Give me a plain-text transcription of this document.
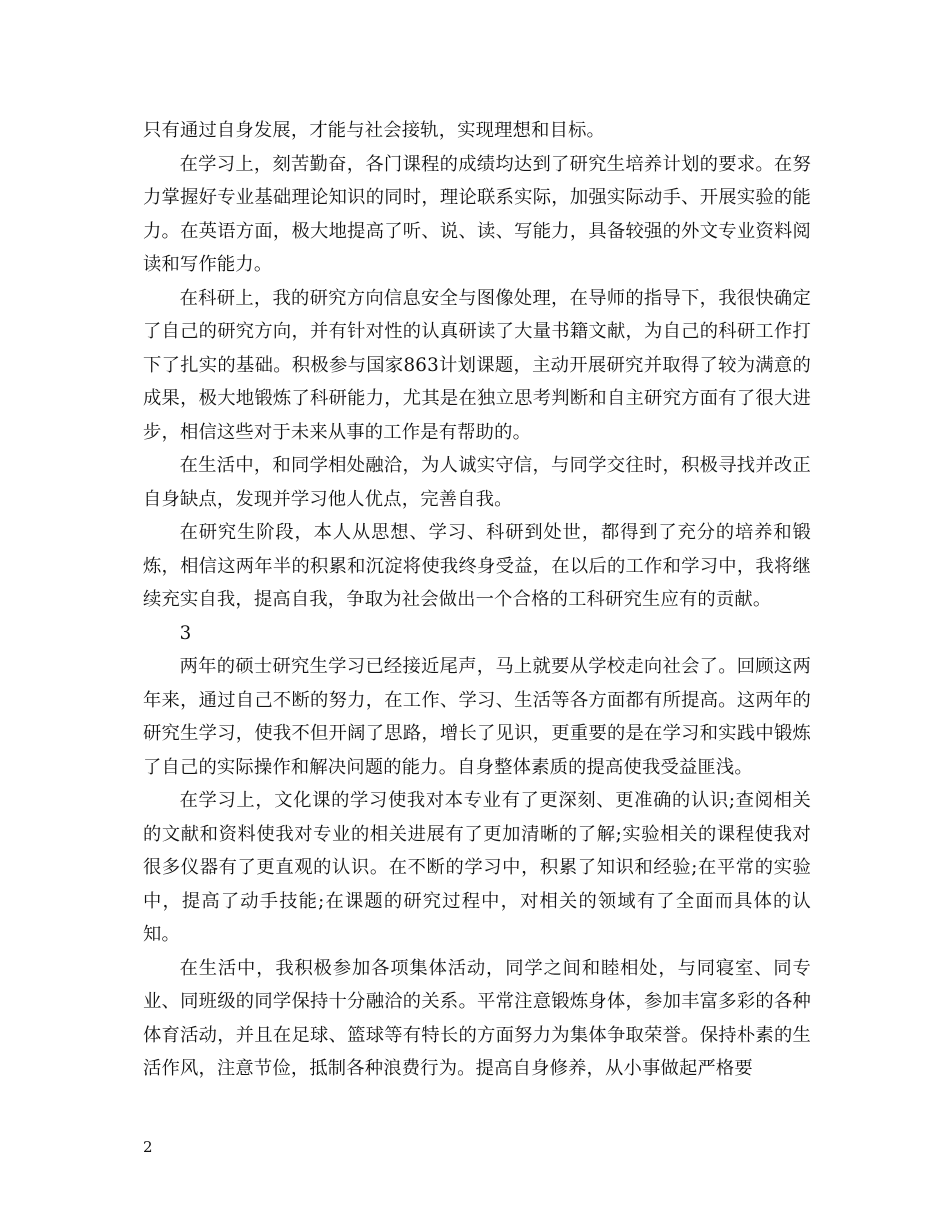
只有通过自身发展，才能与社会接轨，实现理想和目标。

在学习上，刻苦勤奋，各门课程的成绩均达到了研究生培养计划的要求。在努力掌握好专业基础理论知识的同时，理论联系实际，加强实际动手、开展实验的能力。在英语方面，极大地提高了听、说、读、写能力，具备较强的外文专业资料阅读和写作能力。

在科研上，我的研究方向信息安全与图像处理，在导师的指导下，我很快确定了自己的研究方向，并有针对性的认真研读了大量书籍文献，为自己的科研工作打下了扎实的基础。积极参与国家863计划课题，主动开展研究并取得了较为满意的成果，极大地锻炼了科研能力，尤其是在独立思考判断和自主研究方面有了很大进步，相信这些对于未来从事的工作是有帮助的。

在生活中，和同学相处融洽，为人诚实守信，与同学交往时，积极寻找并改正自身缺点，发现并学习他人优点，完善自我。

在研究生阶段，本人从思想、学习、科研到处世，都得到了充分的培养和锻炼，相信这两年半的积累和沉淀将使我终身受益，在以后的工作和学习中，我将继续充实自我，提高自我，争取为社会做出一个合格的工科研究生应有的贡献。

3

两年的硕士研究生学习已经接近尾声，马上就要从学校走向社会了。回顾这两年来，通过自己不断的努力，在工作、学习、生活等各方面都有所提高。这两年的研究生学习，使我不但开阔了思路，增长了见识，更重要的是在学习和实践中锻炼了自己的实际操作和解决问题的能力。自身整体素质的提高使我受益匪浅。

在学习上，文化课的学习使我对本专业有了更深刻、更准确的认识;查阅相关的文献和资料使我对专业的相关进展有了更加清晰的了解;实验相关的课程使我对很多仪器有了更直观的认识。在不断的学习中，积累了知识和经验;在平常的实验中，提高了动手技能;在课题的研究过程中，对相关的领域有了全面而具体的认知。

在生活中，我积极参加各项集体活动，同学之间和睦相处，与同寝室、同专业、同班级的同学保持十分融洽的关系。平常注意锻炼身体，参加丰富多彩的各种体育活动，并且在足球、篮球等有特长的方面努力为集体争取荣誉。保持朴素的生活作风，注意节俭，抵制各种浪费行为。提高自身修养，从小事做起严格要

2
